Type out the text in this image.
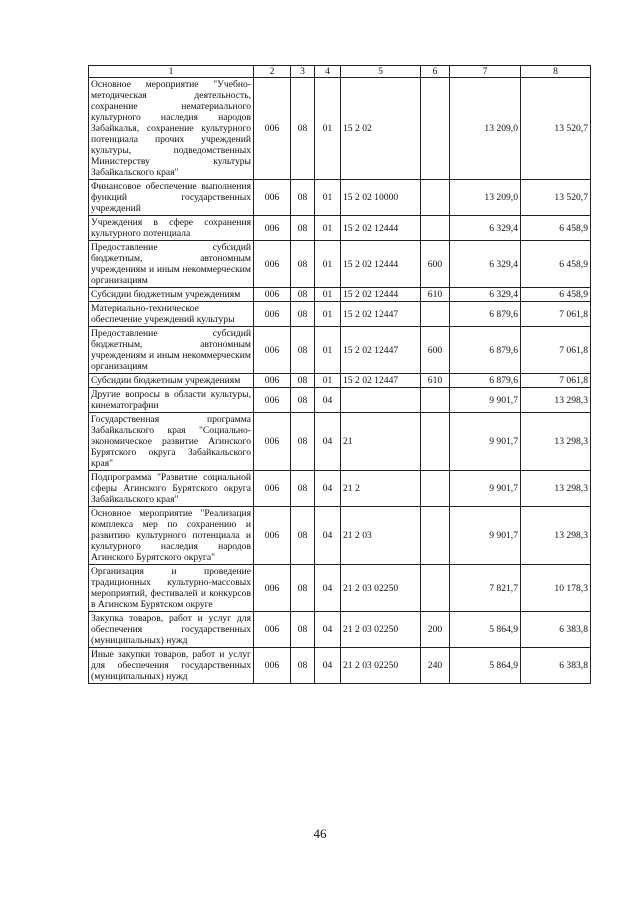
1	2	3	4	5	6	7	8
Основное мероприятие "Учебно-методическая деятельность, сохранение нематериального культурного наследия народов Забайкалья, сохранение культурного потенциала прочих учреждений культуры, подведомственных Министерству культуры Забайкальского края"	006	08	01	15 2 02		13 209,0	13 520,7
Финансовое обеспечение выполнения функций государственных учреждений	006	08	01	15 2 02 10000		13 209,0	13 520,7
Учреждения в сфере сохранения культурного потенциала	006	08	01	15 2 02 12444		6 329,4	6 458,9
Предоставление субсидий бюджетным, автономным учреждениям и иным некоммерческим организациям	006	08	01	15 2 02 12444	600	6 329,4	6 458,9
Субсидии бюджетным учреждениям	006	08	01	15 2 02 12444	610	6 329,4	6 458,9
Материально-техническое обеспечение учреждений культуры	006	08	01	15 2 02 12447		6 879,6	7 061,8
Предоставление субсидий бюджетным, автономным учреждениям и иным некоммерческим организациям	006	08	01	15 2 02 12447	600	6 879,6	7 061,8
Субсидии бюджетным учреждениям	006	08	01	15 2 02 12447	610	6 879,6	7 061,8
Другие вопросы в области культуры, кинематографии	006	08	04			9 901,7	13 298,3
Государственная программа Забайкальского края "Социально-экономическое развитие Агинского Бурятского округа Забайкальского края"	006	08	04	21		9 901,7	13 298,3
Подпрограмма "Развитие социальной сферы Агинского Бурятского округа Забайкальского края"	006	08	04	21 2		9 901,7	13 298,3
Основное мероприятие "Реализация комплекса мер по сохранению и развитию культурного потенциала и культурного наследия народов Агинского Бурятского округа"	006	08	04	21 2 03		9 901,7	13 298,3
Организация и проведение традиционных культурно-массовых мероприятий, фестивалей и конкурсов в Агинском Бурятском округе	006	08	04	21 2 03 02250		7 821,7	10 178,3
Закупка товаров, работ и услуг для обеспечения государственных (муниципальных) нужд	006	08	04	21 2 03 02250	200	5 864,9	6 383,8
Иные закупки товаров, работ и услуг для обеспечения государственных (муниципальных) нужд	006	08	04	21 2 03 02250	240	5 864,9	6 383,8
46
